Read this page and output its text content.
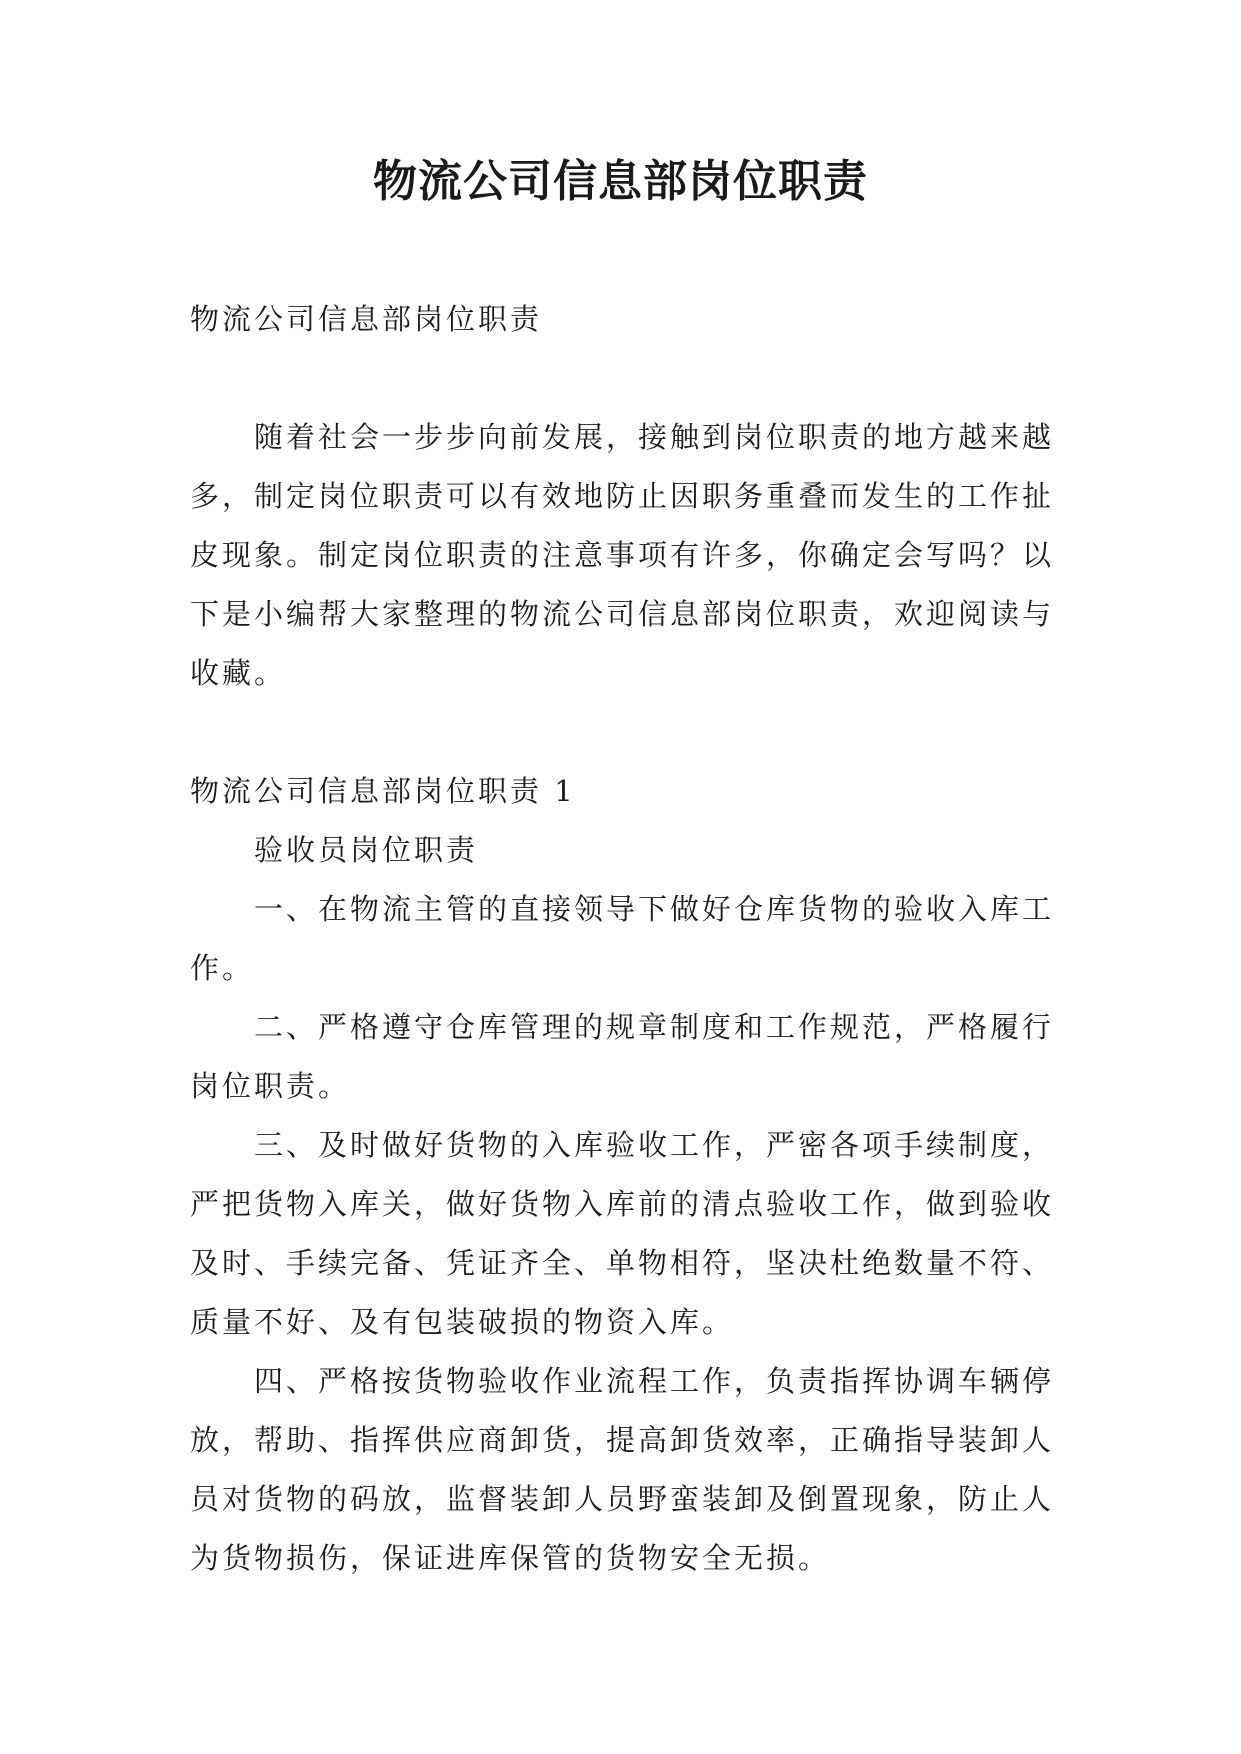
物流公司信息部岗位职责

物流公司信息部岗位职责

随着社会一步步向前发展，接触到岗位职责的地方越来越多，制定岗位职责可以有效地防止因职务重叠而发生的工作扯皮现象。制定岗位职责的注意事项有许多，你确定会写吗？以下是小编帮大家整理的物流公司信息部岗位职责，欢迎阅读与收藏。

物流公司信息部岗位职责 1

验收员岗位职责

一、在物流主管的直接领导下做好仓库货物的验收入库工作。

二、严格遵守仓库管理的规章制度和工作规范，严格履行岗位职责。

三、及时做好货物的入库验收工作，严密各项手续制度，严把货物入库关，做好货物入库前的清点验收工作，做到验收及时、手续完备、凭证齐全、单物相符，坚决杜绝数量不符、质量不好、及有包装破损的物资入库。

四、严格按货物验收作业流程工作，负责指挥协调车辆停放，帮助、指挥供应商卸货，提高卸货效率，正确指导装卸人员对货物的码放，监督装卸人员野蛮装卸及倒置现象，防止人为货物损伤，保证进库保管的货物安全无损。
